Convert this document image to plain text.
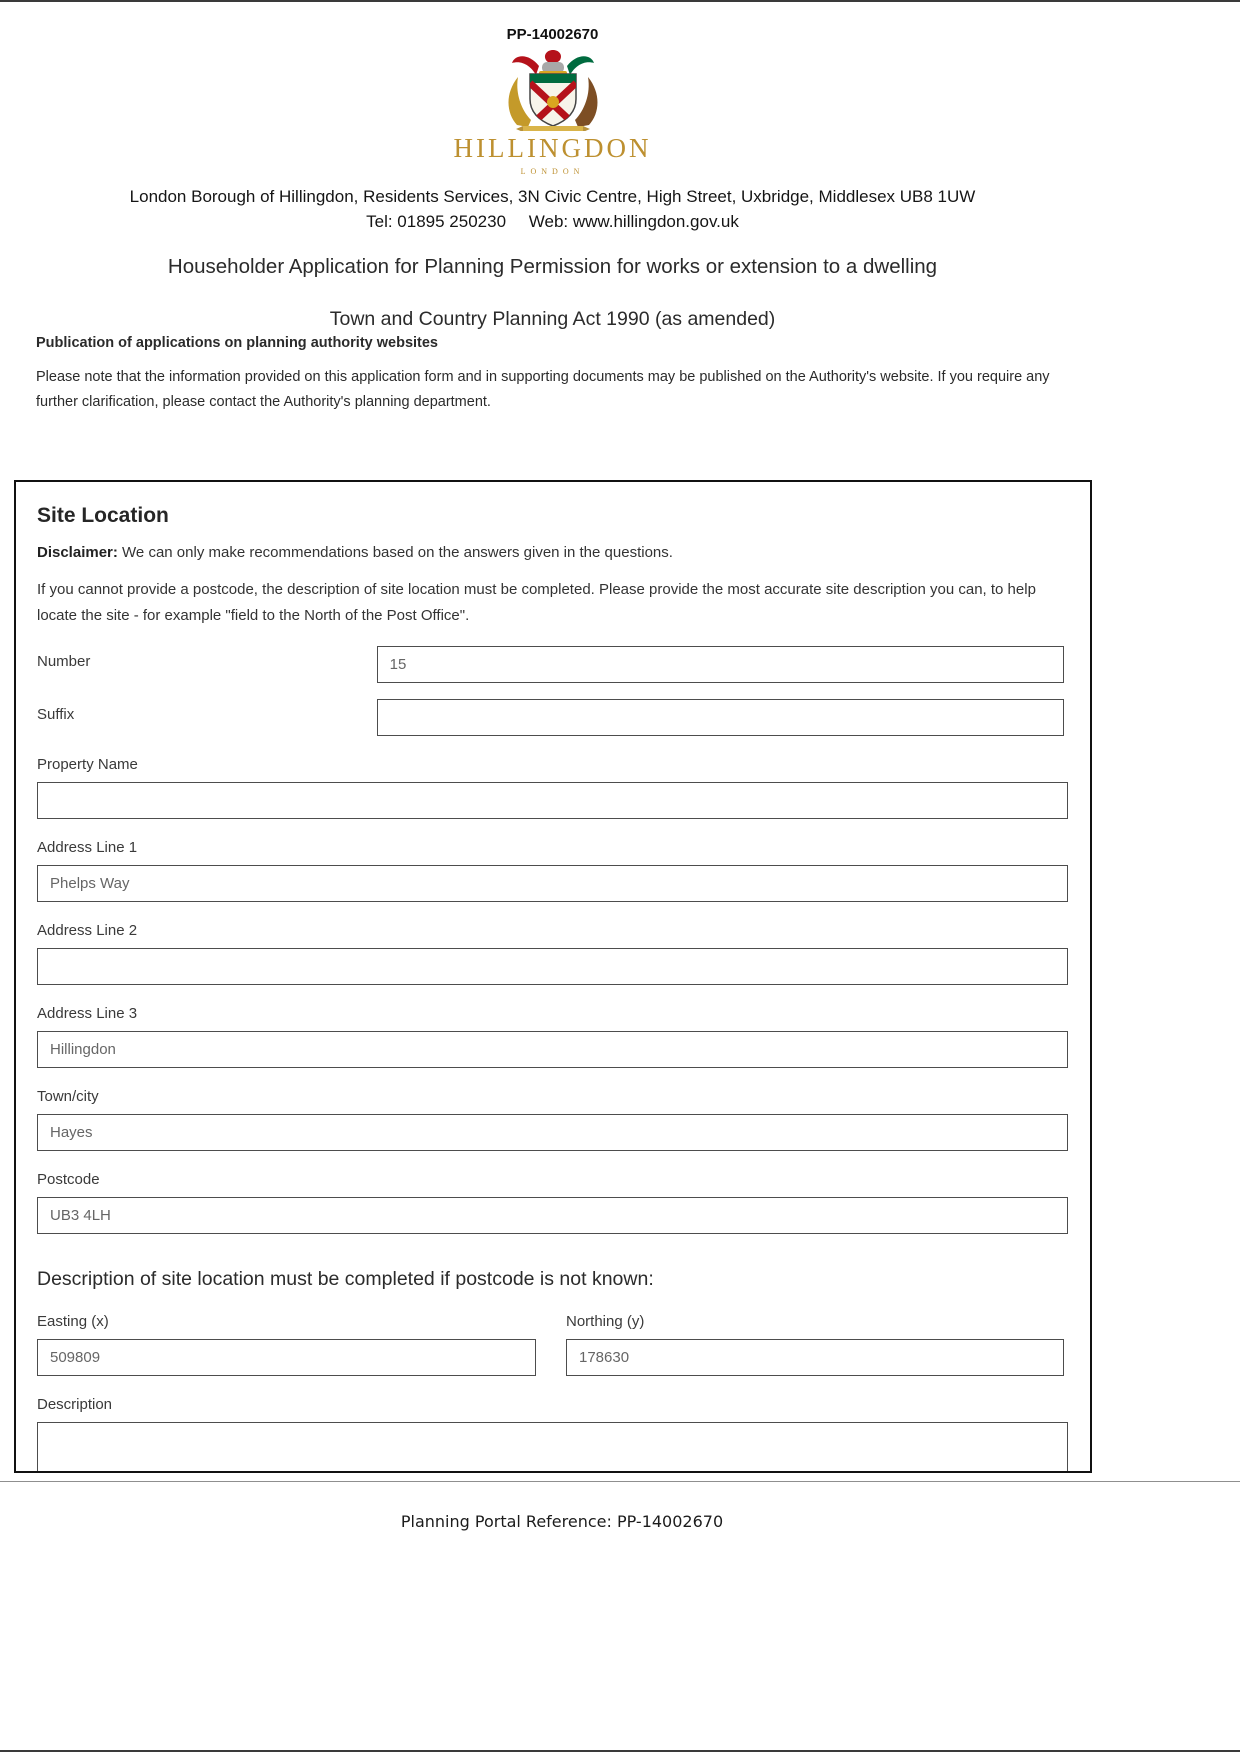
PP-14002670
HILLINGDON
LONDON
London Borough of Hillingdon, Residents Services, 3N Civic Centre, High Street, Uxbridge, Middlesex UB8 1UW
Tel: 01895 250230 Web: www.hillingdon.gov.uk
Householder Application for Planning Permission for works or extension to a dwelling
Town and Country Planning Act 1990 (as amended)
Publication of applications on planning authority websites

Please note that the information provided on this application form and in supporting documents may be published on the Authority's website. If you require any further clarification, please contact the Authority's planning department.

Site Location

Disclaimer: We can only make recommendations based on the answers given in the questions.

If you cannot provide a postcode, the description of site location must be completed. Please provide the most accurate site description you can, to help locate the site - for example "field to the North of the Post Office".

Number
15
Suffix
Property Name
Address Line 1
Phelps Way
Address Line 2
Address Line 3
Hillingdon
Town/city
Hayes
Postcode
UB3 4LH
Description of site location must be completed if postcode is not known:
Easting (x)
509809	Northing (y)
178630
Description
Planning Portal Reference: PP-14002670
